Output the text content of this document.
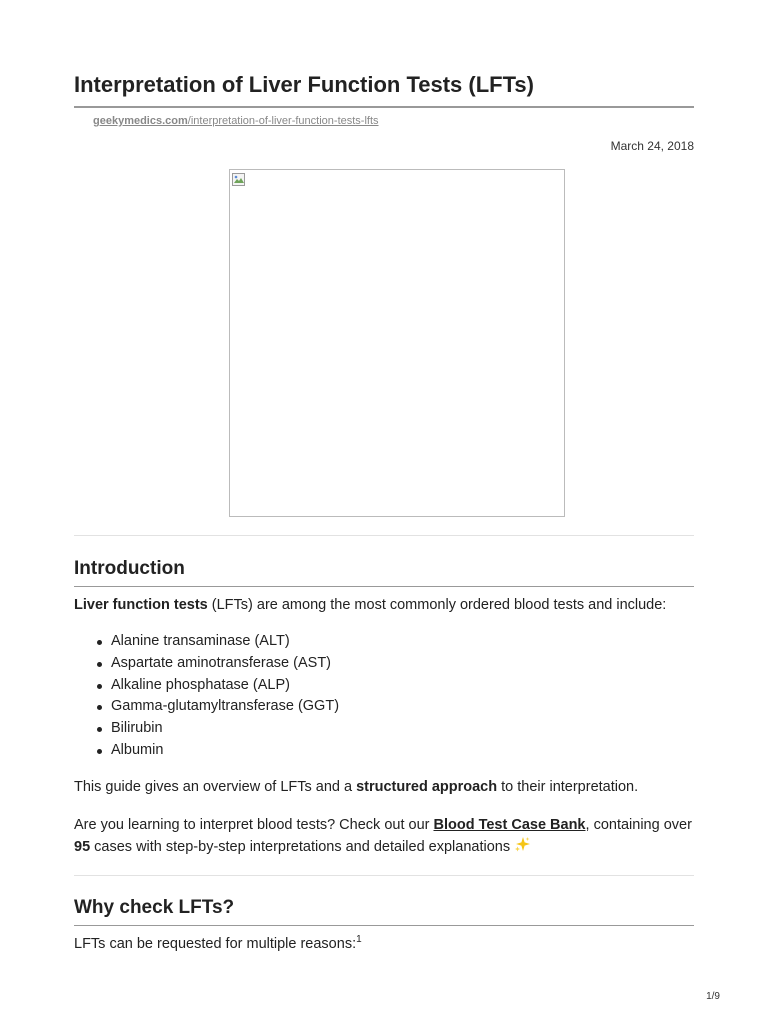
Interpretation of Liver Function Tests (LFTs)
geekymedics.com/interpretation-of-liver-function-tests-lfts
March 24, 2018
Introduction

Liver function tests (LFTs) are among the most commonly ordered blood tests and include:

Alanine transaminase (ALT)
Aspartate aminotransferase (AST)
Alkaline phosphatase (ALP)
Gamma-glutamyltransferase (GGT)
Bilirubin
Albumin

This guide gives an overview of LFTs and a structured approach to their interpretation.

Are you learning to interpret blood tests? Check out our Blood Test Case Bank, containing over 95 cases with step-by-step interpretations and detailed explanations

Why check LFTs?

LFTs can be requested for multiple reasons:$^1$

1/9
